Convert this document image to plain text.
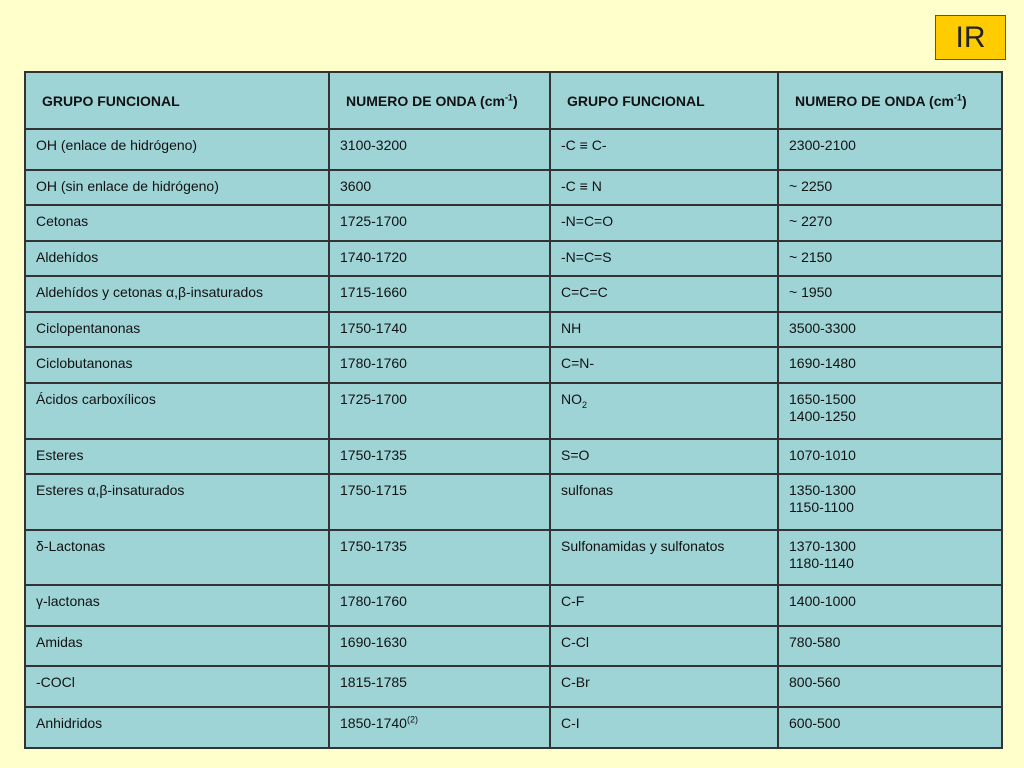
IR
GRUPO FUNCIONAL	NUMERO DE ONDA $(cm^{-1})$	GRUPO FUNCIONAL	NUMERO DE ONDA $(cm^{-1})$
OH (enlace de hidrógeno)	3100-3200	-C ≡ C-	2300-2100

OH (sin enlace de hidrógeno)	3600	-C ≡ N	~ 2250

Cetonas	1725-1700	-N=C=O	~ 2270

Aldehídos	1740-1720	-N=C=S	~ 2150

Aldehídos y cetonas α,β-insaturados	1715-1660	C=C=C	~ 1950

Ciclopentanonas	1750-1740	NH	3500-3300

Ciclobutanonas	1780-1760	C=N-	1690-1480

Ácidos carboxílicos	1725-1700	$NO_2$	1650-1500
1400-1250

Esteres	1750-1735	S=O	1070-1010

Esteres α,β-insaturados	1750-1715	sulfonas	1350-1300
1150-1100

δ-Lactonas	1750-1735	Sulfonamidas y sulfonatos	1370-1300
1180-1140

γ-lactonas	1780-1760	C-F	1400-1000

Amidas	1690-1630	C-Cl	780-580

-COCl	1815-1785	C-Br	800-560

Anhidridos	1850-1740$^{(2)}$	C-I	600-500
